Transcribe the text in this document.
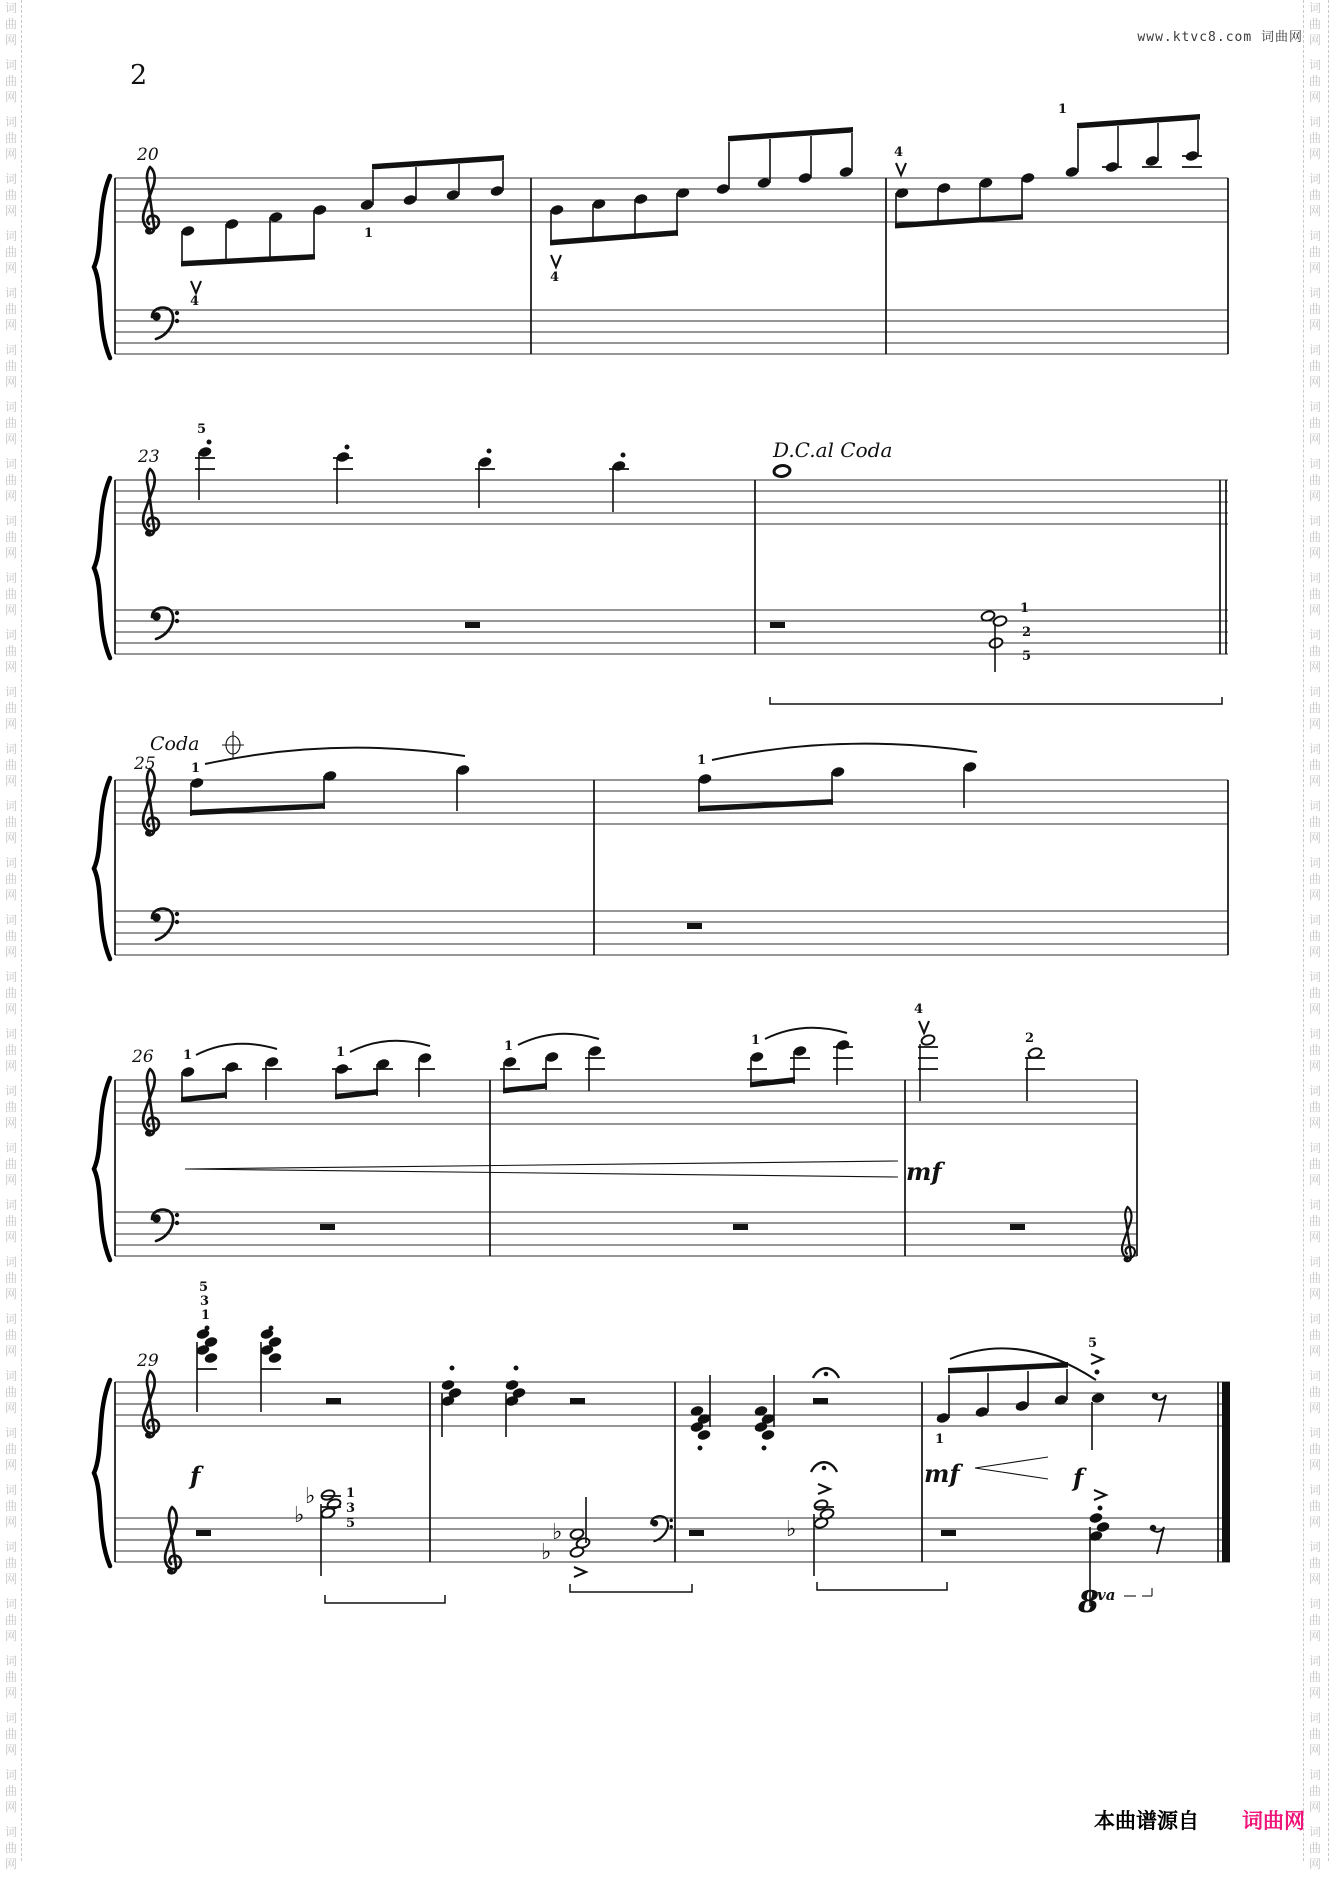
词
曲
网
词
曲
网
词
曲
网
词
曲
网
词
曲
网
词
曲
网
词
曲
网
词
曲
网
词
曲
网
词
曲
网
词
曲
网
词
曲
网
词
曲
网
词
曲
网
词
曲
网
词
曲
网
词
曲
网
词
曲
网
词
曲
网
词
曲
网
词
曲
网
词
曲
网
词
曲
网
词
曲
网
词
曲
网
词
曲
网
词
曲
网
词
曲
网
词
曲
网
词
曲
网
词
曲
网
词
曲
网
词
曲
网
词
曲
网
词
曲
网
词
曲
网
词
曲
网
词
曲
网
词
曲
网
词
曲
网
词
曲
网
词
曲
网
词
曲
网
词
曲
网
词
曲
网
词
曲
网
词
曲
网
词
曲
网
词
曲
网
词
曲
网
词
曲
网
词
曲
网
词
曲
网
词
曲
网
词
曲
网
词
曲
网
词
曲
网
词
曲
网
词
曲
网
词
曲
网
词
曲
网
词
曲
网
词
曲
网
词
曲
网
词
曲
网
词
曲
网
www.ktvc8.com 词曲网
2
20
4
1
4
4
1
23
5
D.C.al Coda
1
2
5
25
Coda
1
1
26 1	1	1	1
4
2
mf
29
5
3
1
f
♭
♭
1
3
5	♭
♭
♭
1
5
mf	f
8
va
本曲谱源自 词曲网
